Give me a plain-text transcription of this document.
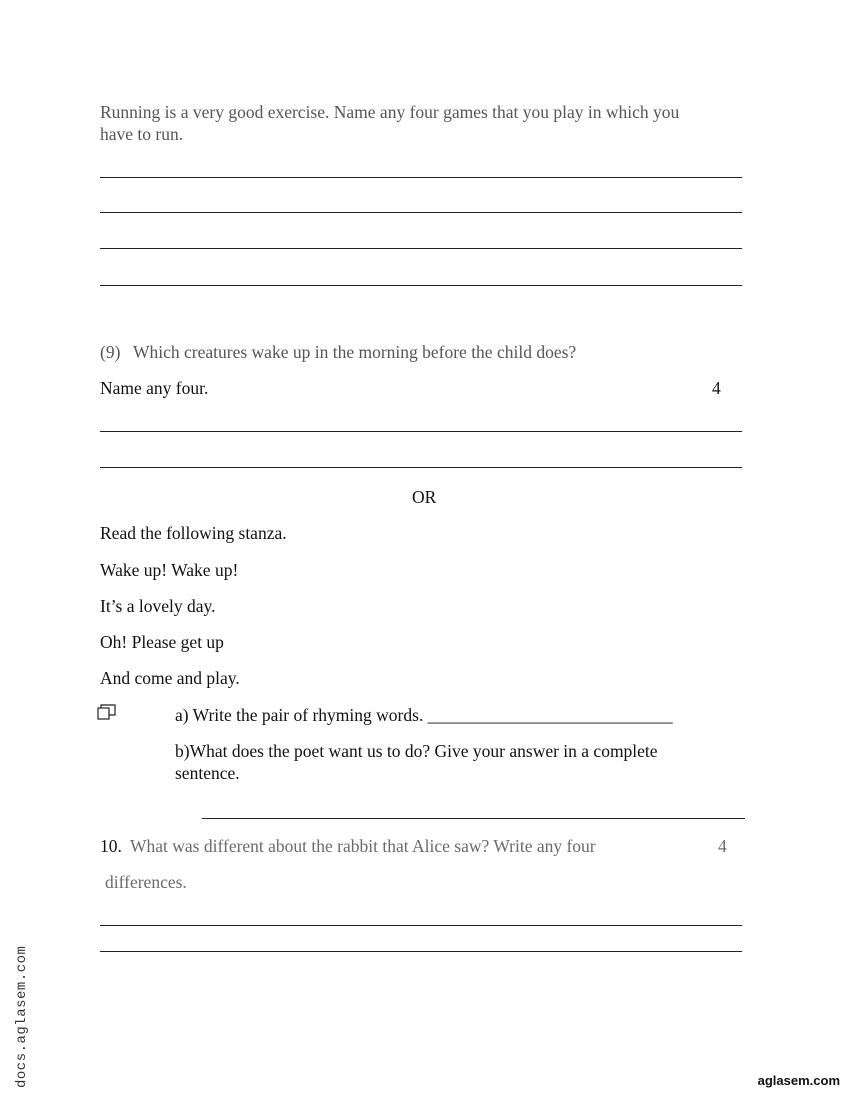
Running is a very good exercise. Name any four games that you play in which you
have to run.
(9) Which creatures wake up in the morning before the child does?
Name any four.	4
OR
Read the following stanza.
Wake up! Wake up!
It’s a lovely day.
Oh! Please get up
And come and play.
a) Write the pair of rhyming words. ____________________________
b)What does the poet want us to do? Give your answer in a complete
sentence.
10. What was different about the rabbit that Alice saw? Write any four	4
differences.
docs.aglasem.com	aglasem.com
